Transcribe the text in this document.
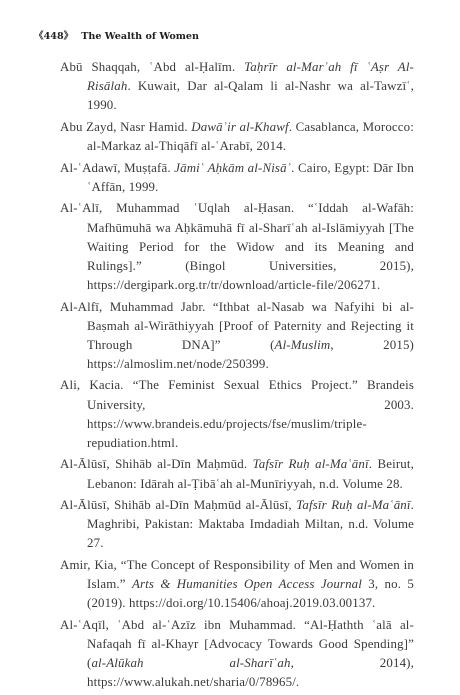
《448》 The Wealth of Women

Abū Shaqqah, ʿAbd al-Ḥalīm. Taḥrīr al-Marʾah fī ʿAṣr Al-Risālah. Kuwait, Dar al-Qalam li al-Nashr wa al-Tawzīʿ, 1990.

Abu Zayd, Nasr Hamid. Dawāʾir al-Khawf. Casablanca, Morocco: al-Markaz al-Thiqāfī al-ʿArabī, 2014.

Al-ʿAdawī, Muṣṭafā. Jāmiʿ Aḥkām al-Nisāʾ. Cairo, Egypt: Dār Ibn ʿAffān, 1999.

Al-ʿAlī, Muhammad ʿUqlah al-Ḥasan. “ʿIddah al-Wafāh: Mafhūmuhā wa Aḥkāmuhā fī al-Sharīʿah al-Islāmiyyah [The Waiting Period for the Widow and its Meaning and Rulings].” (Bingol Universities, 2015), https://dergipark.org.tr/tr/download/article-file/206271.

Al-Alfī, Muhammad Jabr. “Ithbat al-Nasab wa Nafyihi bi al-Baṣmah al-Wirāthiyyah [Proof of Paternity and Rejecting it Through DNA]” (Al-Muslim, 2015) https://almoslim.net/node/250399.

Ali, Kacia. “The Feminist Sexual Ethics Project.” Brandeis University, 2003. https://www.brandeis.edu/projects/fse/muslim/triple-repudiation.html.

Al-Ālūsī, Shihāb al-Dīn Maḥmūd. Tafsīr Ruḥ al-Maʿānī. Beirut, Lebanon: Idārah al-Ṭibāʿah al-Munīriyyah, n.d. Volume 28.

Al-Ālūsī, Shihāb al-Dīn Maḥmūd al-Ālūsī, Tafsīr Ruḥ al-Maʿānī. Maghribi, Pakistan: Maktaba Imdadiah Miltan, n.d. Volume 27.

Amir, Kia, “The Concept of Responsibility of Men and Women in Islam.” Arts & Humanities Open Access Journal 3, no. 5 (2019). https://doi.org/10.15406/ahoaj.2019.03.00137.

Al-ʿAqīl, ʿAbd al-ʿAzīz ibn Muhammad. “Al-Ḥathth ʿalā al-Nafaqah fī al-Khayr [Advocacy Towards Good Spending]” (al-Alūkah al-Sharīʿah, 2014), https://www.alukah.net/sharia/0/78965/.
